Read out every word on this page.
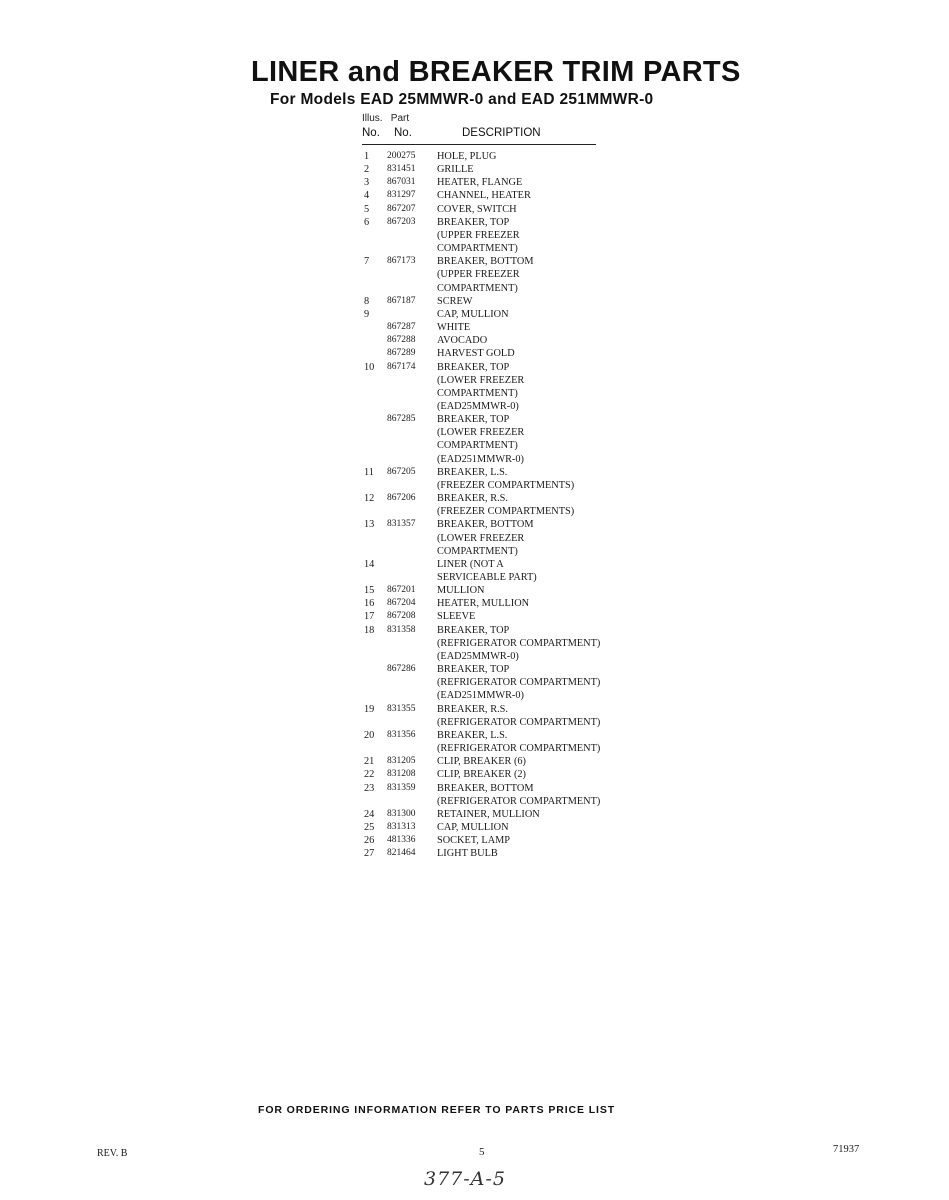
LINER and BREAKER TRIM PARTS
For Models EAD 25MMWR-0 and EAD 251MMWR-0
Illus. Part
No. No.	DESCRIPTION
1 200275 HOLE, PLUG
2 831451 GRILLE
3 867031 HEATER, FLANGE
4 831297 CHANNEL, HEATER
5 867207 COVER, SWITCH
6 867203 BREAKER, TOP
(UPPER FREEZER
COMPARTMENT)
7 867173 BREAKER, BOTTOM
(UPPER FREEZER
COMPARTMENT)
8 867187 SCREW
9	CAP, MULLION
867287 WHITE
867288 AVOCADO
867289 HARVEST GOLD
10 867174 BREAKER, TOP
(LOWER FREEZER
COMPARTMENT)
(EAD25MMWR-0)
867285 BREAKER, TOP
(LOWER FREEZER
COMPARTMENT)
(EAD251MMWR-0)
11 867205 BREAKER, L.S.
(FREEZER COMPARTMENTS)
12 867206 BREAKER, R.S.
(FREEZER COMPARTMENTS)
13 831357 BREAKER, BOTTOM
(LOWER FREEZER
COMPARTMENT)
14	LINER (NOT A
SERVICEABLE PART)
15 867201 MULLION
16 867204 HEATER, MULLION
17 867208 SLEEVE
18 831358 BREAKER, TOP
(REFRIGERATOR COMPARTMENT)
(EAD25MMWR-0)
867286 BREAKER, TOP
(REFRIGERATOR COMPARTMENT)
(EAD251MMWR-0)
19 831355 BREAKER, R.S.
(REFRIGERATOR COMPARTMENT)
20 831356 BREAKER, L.S.
(REFRIGERATOR COMPARTMENT)
21 831205 CLIP, BREAKER (6)
22 831208 CLIP, BREAKER (2)
23 831359 BREAKER, BOTTOM
(REFRIGERATOR COMPARTMENT)
24 831300 RETAINER, MULLION
25 831313 CAP, MULLION
26 481336 SOCKET, LAMP
27 821464 LIGHT BULB
FOR ORDERING INFORMATION REFER TO PARTS PRICE LIST
REV. B	5	71937
377-A-5
